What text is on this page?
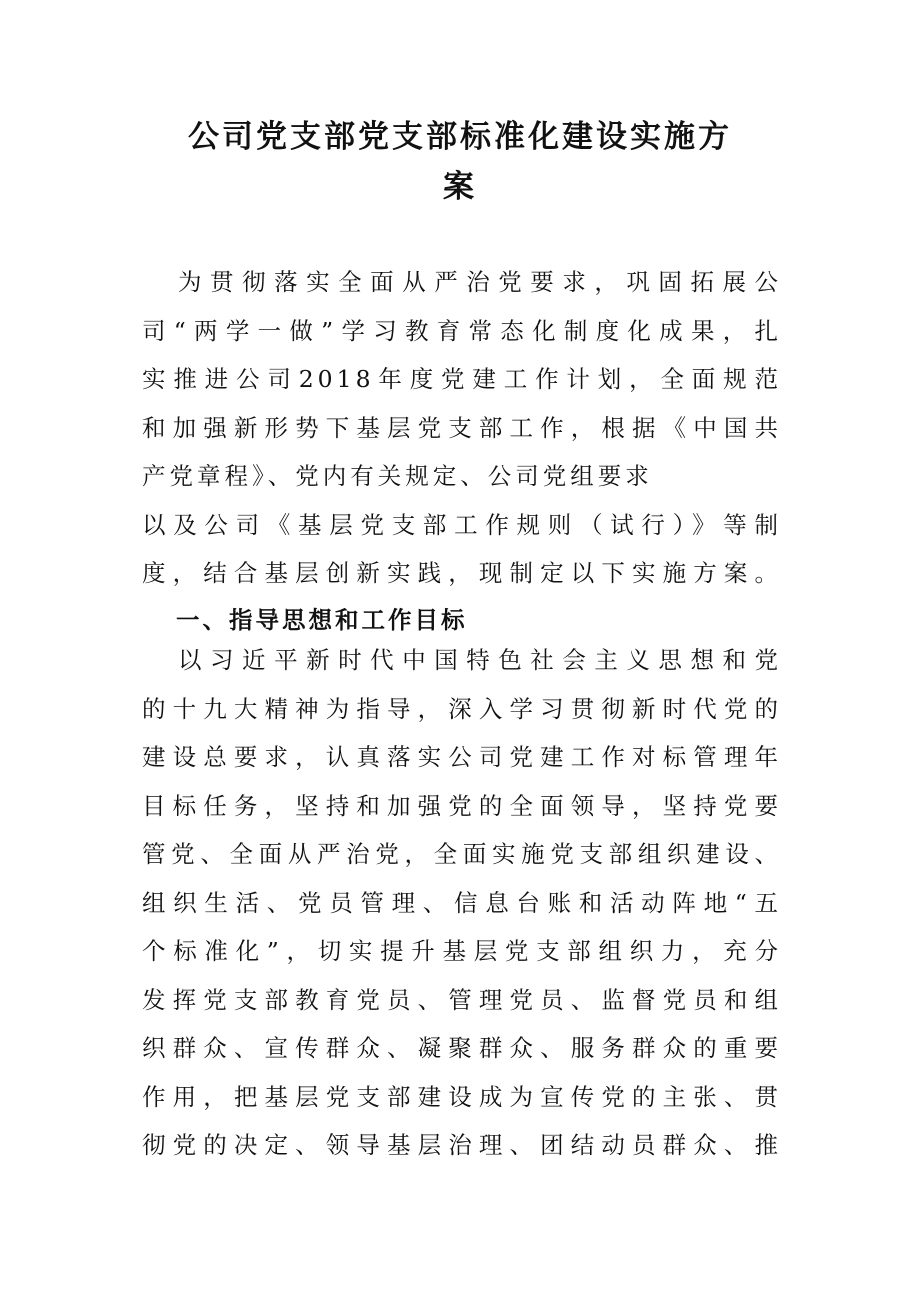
公司党支部党支部标准化建设实施方
案
为贯彻落实全面从严治党要求，巩固拓展公
司“两学一做”学习教育常态化制度化成果，扎
实推进公司2018年度党建工作计划，全面规范
和加强新形势下基层党支部工作，根据《中国共
产党章程》、党内有关规定、公司党组要求
以及公司《基层党支部工作规则（试行）》等制
度，结合基层创新实践，现制定以下实施方案。
一、指导思想和工作目标
以习近平新时代中国特色社会主义思想和党
的十九大精神为指导，深入学习贯彻新时代党的
建设总要求，认真落实公司党建工作对标管理年
目标任务，坚持和加强党的全面领导，坚持党要
管党、全面从严治党，全面实施党支部组织建设、
组织生活、党员管理、信息台账和活动阵地“五
个标准化”，切实提升基层党支部组织力，充分
发挥党支部教育党员、管理党员、监督党员和组
织群众、宣传群众、凝聚群众、服务群众的重要
作用，把基层党支部建设成为宣传党的主张、贯
彻党的决定、领导基层治理、团结动员群众、推
